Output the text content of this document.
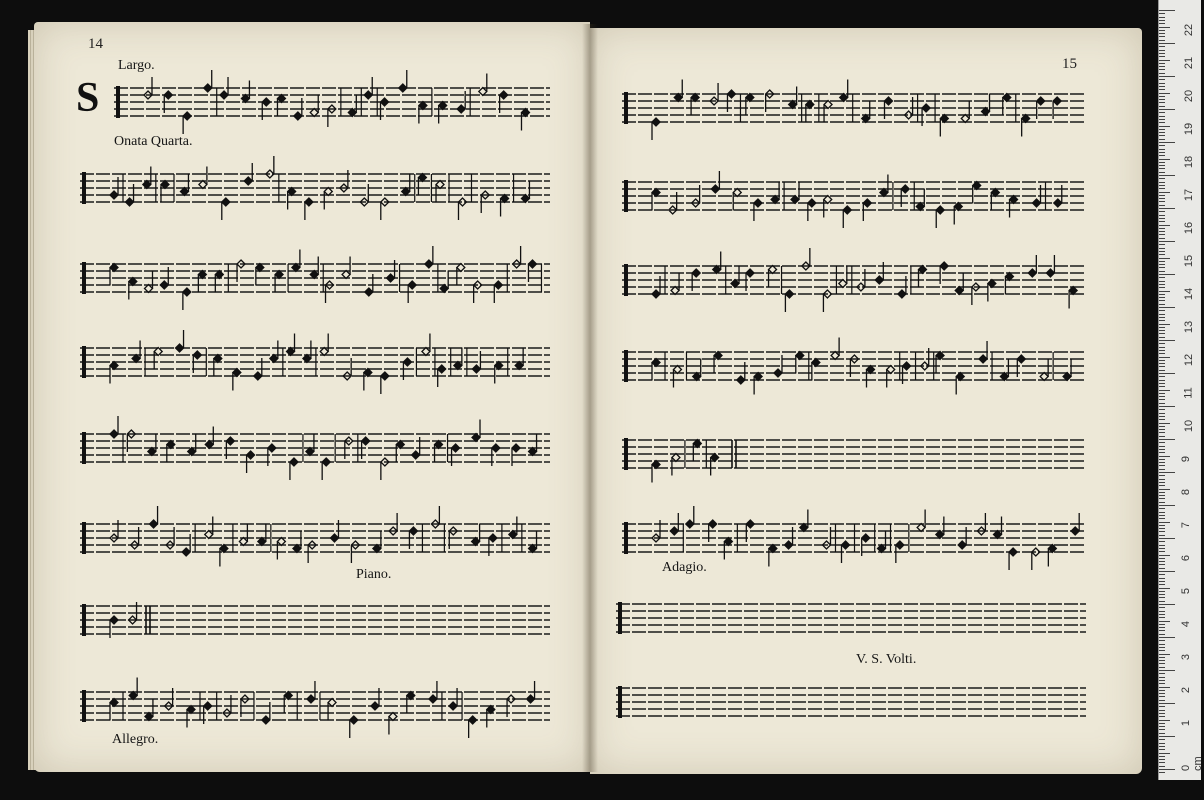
14
S
Largo.
Onata Quarta.
Piano.
Allegro.
15
Adagio.
V. S. Volti.
22
21
20
19
18
17
16
15
14
13
12
11
10
9
8
7
6
5
4
3
2
1
0 cm
